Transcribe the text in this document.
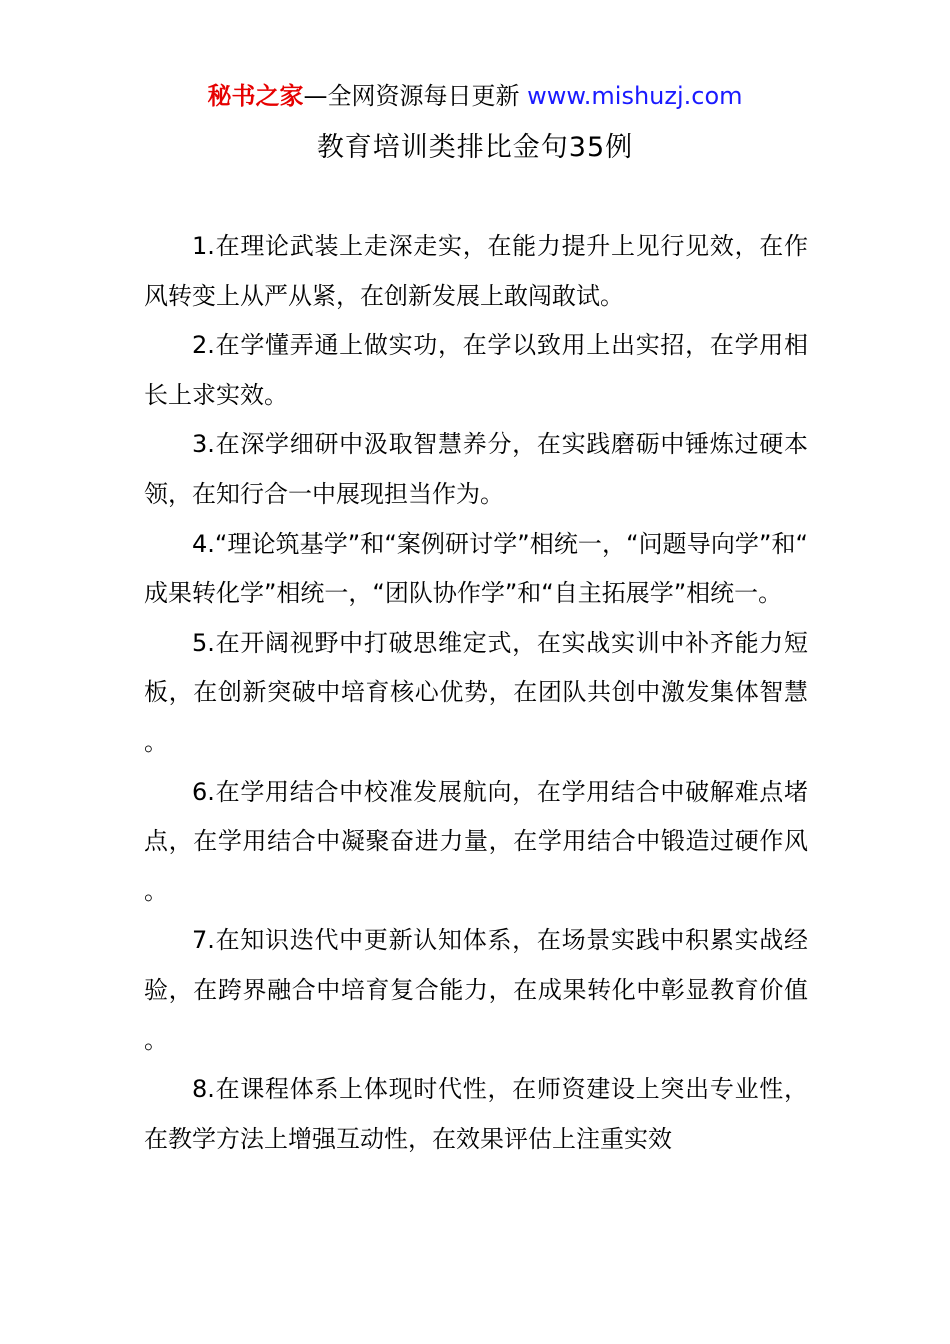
秘书之家—全网资源每日更新 www.mishuzj.com
教育培训类排比金句35例

1.在理论武装上走深走实，在能力提升上见行见效，在作风转变上从严从紧，在创新发展上敢闯敢试。

2.在学懂弄通上做实功，在学以致用上出实招，在学用相长上求实效。

3.在深学细研中汲取智慧养分，在实践磨砺中锤炼过硬本领，在知行合一中展现担当作为。

4.“理论筑基学”和“案例研讨学”相统一，“问题导向学”和“成果转化学”相统一，“团队协作学”和“自主拓展学”相统一。

5.在开阔视野中打破思维定式，在实战实训中补齐能力短板，在创新突破中培育核心优势，在团队共创中激发集体智慧。

6.在学用结合中校准发展航向，在学用结合中破解难点堵点，在学用结合中凝聚奋进力量，在学用结合中锻造过硬作风。

7.在知识迭代中更新认知体系，在场景实践中积累实战经验，在跨界融合中培育复合能力，在成果转化中彰显教育价值。

8.在课程体系上体现时代性，在师资建设上突出专业性，在教学方法上增强互动性，在效果评估上注重实效
